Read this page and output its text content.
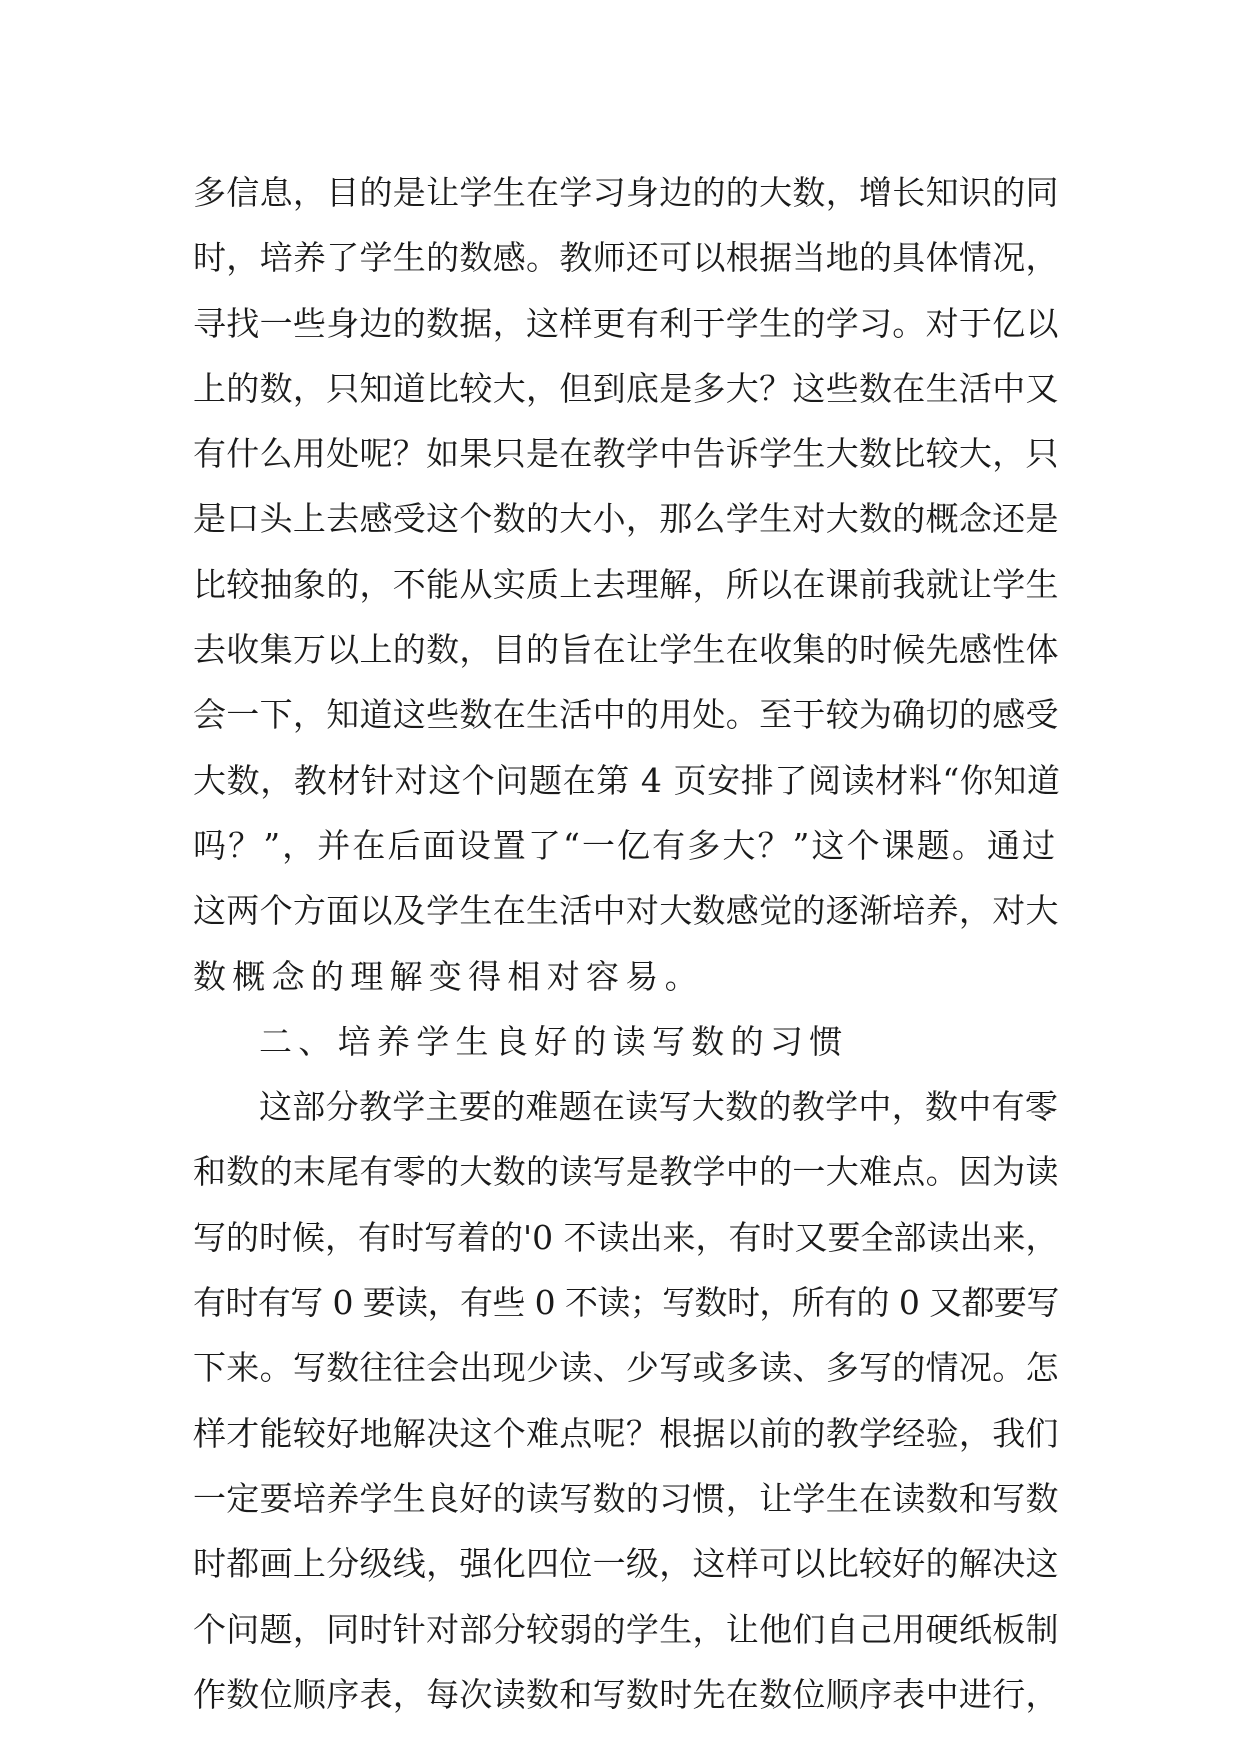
多信息，目的是让学生在学习身边的的大数，增长知识的同
时，培养了学生的数感。教师还可以根据当地的具体情况，
寻找一些身边的数据，这样更有利于学生的学习。对于亿以
上的数，只知道比较大，但到底是多大？这些数在生活中又
有什么用处呢？如果只是在教学中告诉学生大数比较大，只
是口头上去感受这个数的大小，那么学生对大数的概念还是
比较抽象的，不能从实质上去理解，所以在课前我就让学生
去收集万以上的数，目的旨在让学生在收集的时候先感性体
会一下，知道这些数在生活中的用处。至于较为确切的感受
大数，教材针对这个问题在第 4 页安排了阅读材料“你知道
吗？”，并在后面设置了“一亿有多大？”这个课题。通过
这两个方面以及学生在生活中对大数感觉的逐渐培养，对大
数概念的理解变得相对容易。
二、培养学生良好的读写数的习惯
这部分教学主要的难题在读写大数的教学中，数中有零
和数的末尾有零的大数的读写是教学中的一大难点。因为读
写的时候，有时写着的'0 不读出来，有时又要全部读出来，
有时有写 0 要读，有些 0 不读；写数时，所有的 0 又都要写
下来。写数往往会出现少读、少写或多读、多写的情况。怎
样才能较好地解决这个难点呢？根据以前的教学经验，我们
一定要培养学生良好的读写数的习惯，让学生在读数和写数
时都画上分级线，强化四位一级，这样可以比较好的解决这
个问题，同时针对部分较弱的学生，让他们自己用硬纸板制
作数位顺序表，每次读数和写数时先在数位顺序表中进行，
